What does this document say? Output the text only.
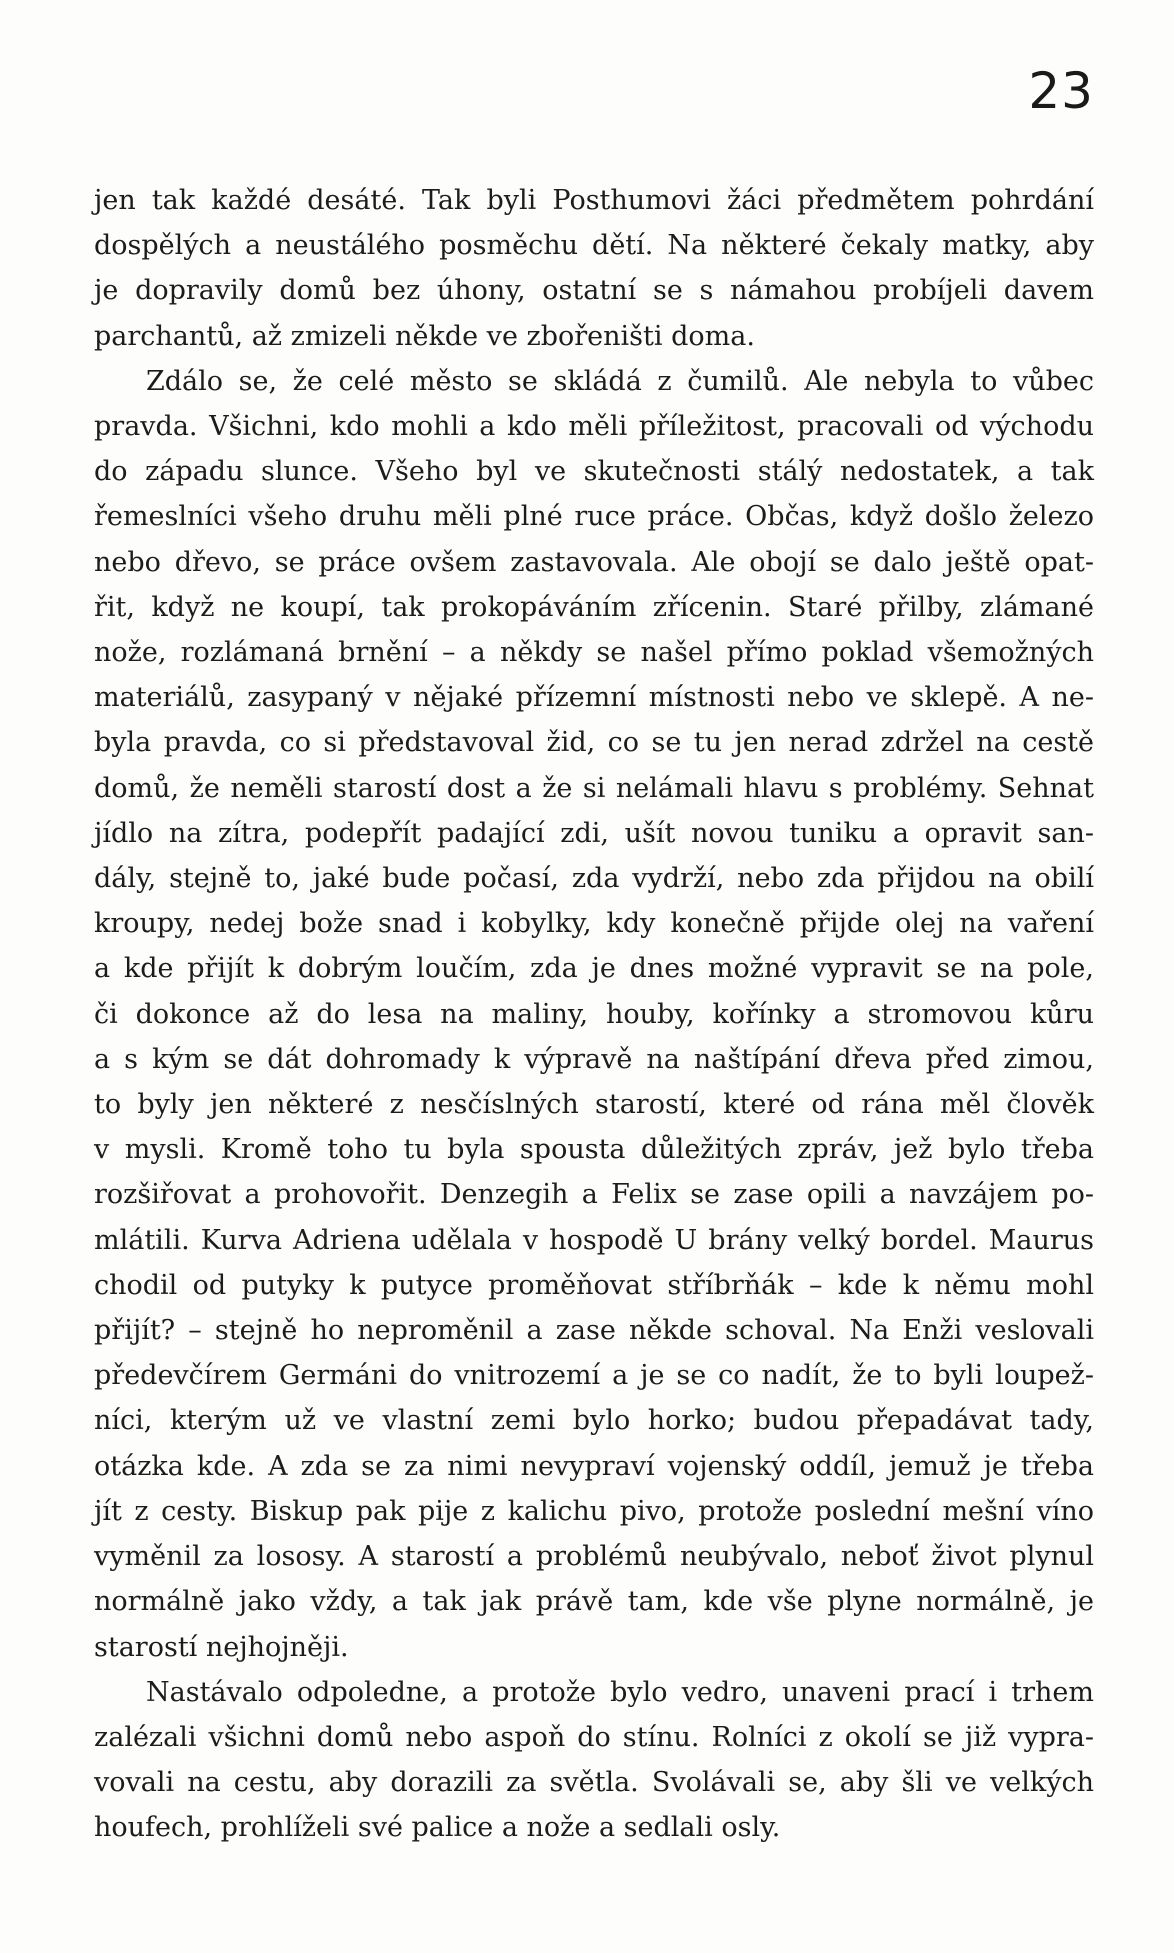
23

jen tak každé desáté. Tak byli Posthumovi žáci předmětem pohrdání
dospělých a neustálého posměchu dětí. Na některé čekaly matky, aby
je dopravily domů bez úhony, ostatní se s námahou probíjeli davem
parchantů, až zmizeli někde ve zbořeništi doma.

Zdálo se, že celé město se skládá z čumilů. Ale nebyla to vůbec
pravda. Všichni, kdo mohli a kdo měli příležitost, pracovali od východu
do západu slunce. Všeho byl ve skutečnosti stálý nedostatek, a tak
řemeslníci všeho druhu měli plné ruce práce. Občas, když došlo železo
nebo dřevo, se práce ovšem zastavovala. Ale obojí se dalo ještě opat-
řit, když ne koupí, tak prokopáváním zřícenin. Staré přilby, zlámané
nože, rozlámaná brnění – a někdy se našel přímo poklad všemožných
materiálů, zasypaný v nějaké přízemní místnosti nebo ve sklepě. A ne-
byla pravda, co si představoval žid, co se tu jen nerad zdržel na cestě
domů, že neměli starostí dost a že si nelámali hlavu s problémy. Sehnat
jídlo na zítra, podepřít padající zdi, ušít novou tuniku a opravit san-
dály, stejně to, jaké bude počasí, zda vydrží, nebo zda přijdou na obilí
kroupy, nedej bože snad i kobylky, kdy konečně přijde olej na vaření
a kde přijít k dobrým loučím, zda je dnes možné vypravit se na pole,
či dokonce až do lesa na maliny, houby, kořínky a stromovou kůru
a s kým se dát dohromady k výpravě na naštípání dřeva před zimou,
to byly jen některé z nesčíslných starostí, které od rána měl člověk
v mysli. Kromě toho tu byla spousta důležitých zpráv, jež bylo třeba
rozšiřovat a prohovořit. Denzegih a Felix se zase opili a navzájem po-
mlátili. Kurva Adriena udělala v hospodě U brány velký bordel. Maurus
chodil od putyky k putyce proměňovat stříbrňák – kde k němu mohl
přijít? – stejně ho neproměnil a zase někde schoval. Na Enži veslovali
předevčírem Germáni do vnitrozemí a je se co nadít, že to byli loupež-
níci, kterým už ve vlastní zemi bylo horko; budou přepadávat tady,
otázka kde. A zda se za nimi nevypraví vojenský oddíl, jemuž je třeba
jít z cesty. Biskup pak pije z kalichu pivo, protože poslední mešní víno
vyměnil za lososy. A starostí a problémů neubývalo, neboť život plynul
normálně jako vždy, a tak jak právě tam, kde vše plyne normálně, je
starostí nejhojněji.

Nastávalo odpoledne, a protože bylo vedro, unaveni prací i trhem
zalézali všichni domů nebo aspoň do stínu. Rolníci z okolí se již vypra-
vovali na cestu, aby dorazili za světla. Svolávali se, aby šli ve velkých
houfech, prohlíželi své palice a nože a sedlali osly.
